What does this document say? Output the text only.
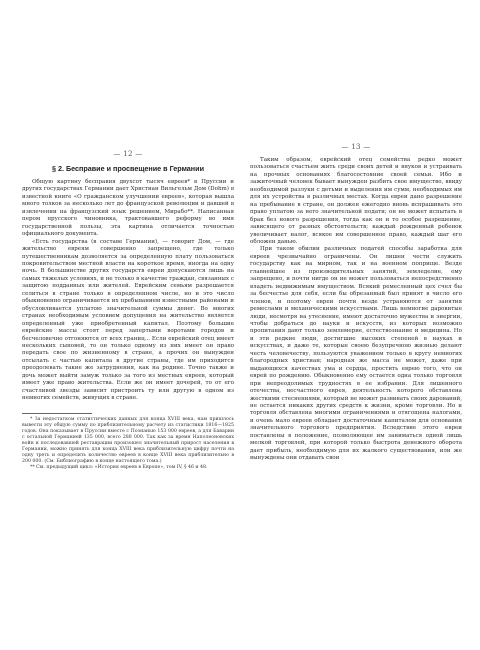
— 12 —
§ 2. Бесправие и просвещение в Германии

Общую картину бесправия двухсот тысяч евреев* в Пруссии и других государствах Германии дает Христиан Вильгельм Дом (Dohm) в известной книге «О гражданском улучшении евреев», которая вышла много толков за несколько лет до французской революции и давшей в извлечении на французский язык решением, Мирабо**. Написанная пером прусского чиновника, трактовавшего реформу во имя государственной пользы, эта картина отличается точностью официального документа.

«Есть государства (в составе Германии), — говорит Дом, — где жительство евреям совершенно запрещено, где только путешественникам дозволяется за определенную плату пользоваться покровительством местной власти на короткое время, иногда на одну ночь. В большинстве других государств евреи допускаются лишь на самых тяжелых условиях, и не только в качестве граждан, связанных с защитою подданных или жителей. Еврейским семьям разрешается селиться в стране только в определенном числе, но и это число обыкновенно ограничивается их пребыванием известными районами и обусловливается уплатою значительной суммы денег. Во многих странах необходимым условием допущения на жительство является определенный уже приобретенный капитал. Поэтому большие еврейские массы стоят перед запертыми воротами городов и бесчеловечно отгоняются от всех границ... Если еврейский отец имеет нескольких сыновей, то он только одному из них имеет он право передать свое по жизненному в стране, а прочих он вынужден отсылать с частью капитала в другие страны, где им приходится преодолевать такие же затруднения, как на родине. Точно также и дочь может выйти замуж только за того из местных евреев, который имеет уже право жительства. Если же он имеет дочерей, то от его счастливой звезды зависит пристроить ту или другую в одном из немногих семейств, живущих в стране.

* За недостатком статистических данных для конца XVIII века, нам пришлось вывести эту общую сумму по приблизительному расчету из статистики 1816—1825 годов. Она показывает в Пруссии вместе с Познанью 153 000 евреев, а для Баварии с остальной Германией 135 000, всего 288 000. Так как за время Наполеоновских войн и последовавшей реставрации произошел значительный прирост населения в Германии, можно принять для конца XVIII века приблизительную цифру почти на одну треть и определить количество евреев в конце XVIII века приблизительно в 200 000. (См. Библиографию в конце настоящего тома.)

** См. предыдущий цикл: «История евреев в Европе», том IV, § 46 и 48.

— 13 —

Таким образом, еврейский отец семейства редко может пользоваться счастьем жить среди своих детей и внуков и устраивать на прочных основаниях благосостояние своей семьи. Ибо и зажиточный человек бывает вынужден разбить свое имущество, ввиду необходимой разлуки с детьми и выделения им сумм, необходимых им для их устройства в различных местах. Когда евреи дано разрешение на пребывание в стране, он должен ежегодно вновь испрашивать это право уплатою за него значительной подати; он не может испытать в брак без нового разрешения, тогда как он и то особое разрешение, зависящего от разных обстоятельств; каждый рожденный ребенок увеличивает налог, всякое им совершенное право, каждый шаг его обложен данью.

При таком обилии различных податей способы заработка для евреев чрезвычайно ограничены. Он лишен чести служить государству как на мирном, так и на военном поприще. Везде главнейшее из производительных занятий, земледелие, ему запрещено, и почти нигде он не может пользоваться непосредственно владеть недвижимым имуществом. Всякий ремесленный цех счел бы за бесчестье для себя, если бы обрезанный был принят в число его членов, и поэтому евреи почти везде устраняются от занятия ремеслами и механическими искусствами. Лишь немногие даровитые люди, несмотря на утеснение, имеют достаточно мужества и энергии, чтобы добраться до науки и искусств, из которых возможно пропитания дают только землемерие, естествознание и медицина. Но и эти редкие люди, достигшие высоких степеней в науках и искусствах, и даже те, которые своею безупречною жизнью делают честь человечеству, пользуются уважением только в кругу немногих благородных христиан; народная же масса не может, даже при выдающихся качествах ума и сердца, простить еврею того, что он еврей по рождению. Обыкновенно ему остается одна только торговля при непреодолимых трудностях в ее избрании. Для лишенного отечества, несчастного еврея, деятельность которого обставлена жесткими стеснениями, который не может развивать своих дарований, не остается никаких других средств к жизни, кроме торговли. Но и торговля обставлена многими ограничениями и отягощена налогами, и очень мало евреев обладает достаточным капиталом для основания значительного торгового предприятия. Вследствие этого евреи поставлены в положение, позволяющее им заниматься одной лишь мелкой торговлей, при которой только быстрота денежного оборота дает прибыль, необходимую для их жалкого существования, или же вынуждены они отдавать свои
